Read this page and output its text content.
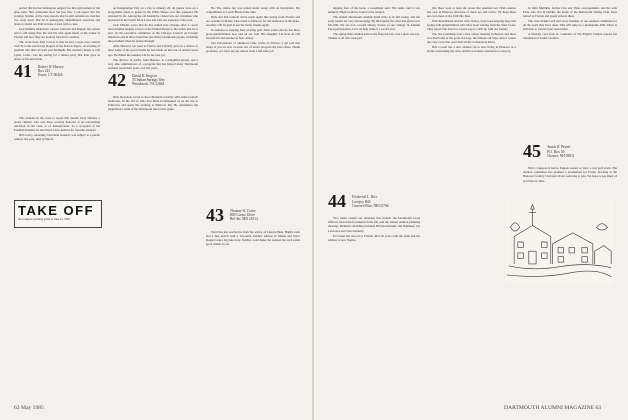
ported that he had undergone surgery for the replacement of the knee joint. He's somewhat slow but just fine. I can report that my younger brother of the class reports that he still remains on crutches two early April. But he is undergoing rehabilitation exercises and plans to attend our 45th in June at least with a cane.

Jack Wilkins underwent cataract removal and implant last winter and is still doing fine. He and his wife spent much of the winter in Florida and now they are looking forward to reunion.

The word from Paul Cavoto is that he had a most rare reunion with Ty Cobb and Scotty Rogers of the Detroit Tigers, an evening of baseball talk that ran well past midnight. His mother's house at Old Lyme, Conn., was the setting for a dinner party that Paul gave in honor of his new bride.

41 Robert W. Harvey
Box 221
Essex, CT 06426

This doubles in the class to report this month. Jerry Dunbar, a noted chemist who was most recently honored at an outstanding luncheon in the state, is of Pennsylvania. At a reception at the Franklin Institute he described a new method for fluorine analysis.

Bill Lowry, attending Cleveland General, was subject to a public address last year, died in March.

TAKE OFF
the complete pitching guide to June 12, 1985

on Inauguration Day on a trip to January 20, all guests were on a programme given to guests in the White House over this weekend. He returned by air. Among the old friends he visited was our classmate who presented in the South. Dick Cruss and Jane are enjoying a fine year.

Jack Wilkins wrote that he has settled into Chicago after a career that included lengthy service at the Federal Reserve. He writes that he is now on the executive committee of the Chicago Council on Foreign Relations and in that connection sees many Dartmouth people, including the president when he passes through.

After Harvard, we went to France and it finally gave us a chance to meet some of the good friends he had made on the tour of several years ago. He thinks the reunion will be the best yet.

The director of ALPS, John Barasso, is a delightful person, and a very able administrator of a program that has helped many Dartmouth students reach their goals over the years.

42 David R. Sargent
33 Indian Springs Way
Woodstock, VA 22664

Dick Devonoie wrote to Ross Brainerd recently with some football memories. In the fall of 1941 Ted Ruth accompanied us on the trip to Princeton and spent the evening at Hanover Inn. He remembers the magnificent stand of the Dartmouth line in that game.

He. The whole rug was turned under along with an inscription. My compliments to Coach Black at the time.

Dick and Dot Lamont drove north again this spring from Florida and are at home in Maine. The retreat to Hanover for the reunion is in the plans, and they will be glad to see the many friends again.

In addition to keeping busy playing golf, Dick writes that he has three great-grandchildren now and all are well. His daughter Liz lives in Old Greenwich and another in New Jersey.

Jim Falconander of Skidmore fame writes as follows: I am told that many of you are now at some sort of senior program the state offers. Thank goodness, as I have not yet retired from a full-time job.

43 Thomas W. Cotter
800 Cortez Drive
Bel Air, MD 21014

Word has just reached us from the widow of Lincoln Beal. Hugh Lewis had a fine match with a 10-pound Atlantic salmon in Maine and Steve Rogers took a big lake trout. Neither could make the reunion but each sends good wishes to all.

62 May 1985

nipping four of the book, a sweetheart said. The name said it was unlikely. Hugh would be found at the reunion.

The annual Dartmouth Alumni Fund drive is in full swing, and the early results are very encouraging. By mid-spring the class had given over $31,000. We are now second among classes of our vintage in Alumni Fund participation. Let's all help make it a record year.

The spring mini-reunion held at the Hanover Inn, was a great success. Thanks to all who took part.

44 Frederick L. Hier
Lovejoy Hill
Concord Pike, NH 03766

Two items caught our attention this month: the Dartmouth Class Officers Association weekend in the fall, and the annual reunion planning meeting. Members attending included Bill Rosenbaum, Jim Bumaker, Joe Lawrence and Tom Kennedy.

Ed Green has moved to Florida after 30 years with the bank and his address is now Naples.

that there were at least the seven that attended our 1944 reunion last year in Hanover and most of those are still active. We hope there are even more at the 45th this June.

Walt Rosenbaum and his wife, Nancy, have been keeping busy this spring with grandchildren who have been visiting from the West Coast. They report that travel is a great way to catch up with old friends.

The Sea Lemmings had a fine winter meeting in Boston and there was much talk of the good old days, the famous old trips, and of course the crew races that were held on the Connecticut River.

Bob Lowell has a new address: he is now living in Hanover in a home overlooking the river, and he welcomes classmates to stop by.

in John Mullikin, former Life and Time correspondent, and his wife Elsie who live in Dublin, the home of the Dartmouth Outing Club, have retired to Florida and spend winters there.

The class thanks each and every member of our reunion committee for all the work they have done. This will truly be a memorable 40th. There is still time to send in your reservation.

A friendly card from R. Lauriders of the Pilgrim Fathers reports his retirement in South Carolina.

45 Austin R. Pisani
P.O. Box 59
Chester, NH 03811

Well, I suppose it had to happen sooner or later: a real golf event. The reunion committee has planned a tournament for Friday morning at the Hanover Country Club and all are welcome to join. We hope to see many of you there in June.

DARTMOUTH ALUMNI MAGAZINE 63
